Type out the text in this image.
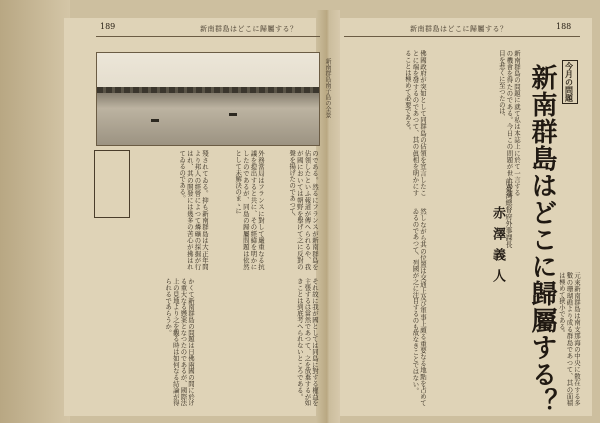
189	新南群島はどこに歸屬する？
新南群島南子島の全景
のである。然るにフランスが新南群島を佔領したといふ報道が傳へられるや、我が國においては朝野を擧げて之に反對の聲を揚げたのであつて、
外務當局はフランスに對して嚴重なる抗議を提出すると共に、その經緯を明かにしたのであるが、同島の歸屬問題は依然として未解決のまゝに
殘されてゐる。抑も新南群島は大正年間より邦人の經營によつて燐礦の採掘が行はれ、其の開發には幾多の苦心が拂はれてゐるのである。
それ故に我が國としては同島に對する權益を主張するは當然であつて、之を放棄するが如きことは到底考へられないところである。
かくて新南群島の問題は日佛兩國の間に於ける重大なる懸案となつたのであるが、國際法上の見地より之を觀る時は如何なる結論が得られるであらうか。
188
新南群島はどこに歸屬する？
今月の問題
新南群島はどこに歸屬する？
前臺灣總督府外事課長
赤澤義人
新南群島の問題に就て私は本誌上に於て一言するの機會を得たのである。今日この問題が世上の注目を惹くに至つたのは、
佛國政府が突如として同群島の佔領を宣言したことに端を發するのであつて、其の眞相を明かにすることは極めて必要である。
元來新南群島は南支那海の中央に散在する多數の珊瑚礁より成る群島であつて、其の面積は極めて狹小である。
然しながら其の位置は交通上及び軍事上頗る重要なる地點を占めてゐるのであつて、列國が之に注目するのも故なきことではない。
